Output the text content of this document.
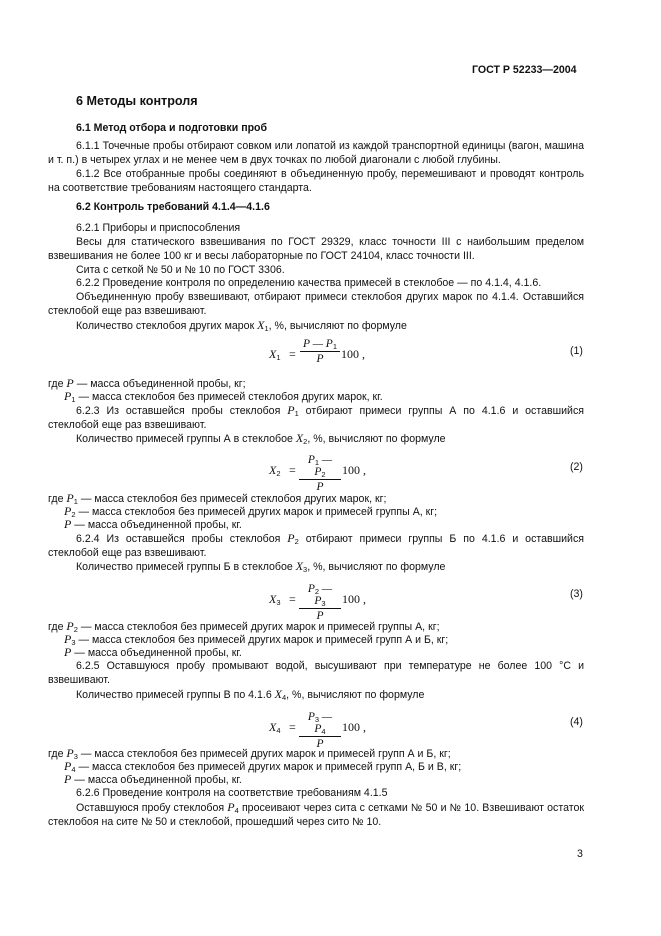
ГОСТ Р 52233—2004
6 Методы контроля
6.1 Метод отбора и подготовки проб
6.1.1 Точечные пробы отбирают совком или лопатой из каждой транспортной единицы (вагон, машина и т. п.) в четырех углах и не менее чем в двух точках по любой диагонали с любой глубины.
6.1.2 Все отобранные пробы соединяют в объединенную пробу, перемешивают и проводят контроль на соответствие требованиям настоящего стандарта.
6.2 Контроль требований 4.1.4—4.1.6
6.2.1 Приборы и приспособления
Весы для статического взвешивания по ГОСТ 29329, класс точности III с наибольшим пределом взвешивания не более 100 кг и весы лабораторные по ГОСТ 24104, класс точности III.
Сита с сеткой № 50 и № 10 по ГОСТ 3306.
6.2.2 Проведение контроля по определению качества примесей в стеклобое — по 4.1.4, 4.1.6.
Объединенную пробу взвешивают, отбирают примеси стеклобоя других марок по 4.1.4. Оставшийся стеклобой еще раз взвешивают.
Количество стеклобоя других марок X1, %, вычисляют по формуле
$X1 = \frac{P — P1}{P} 100$ ,	(1)
где P — масса объединенной пробы, кг;
P1 — масса стеклобоя без примесей стеклобоя других марок, кг.
6.2.3 Из оставшейся пробы стеклобоя P1 отбирают примеси группы А по 4.1.6 и оставшийся стеклобой еще раз взвешивают.
Количество примесей группы А в стеклобое X2, %, вычисляют по формуле
$X2 = \frac{P1 — P2}{P} 100$ ,	(2)
где P1 — масса стеклобоя без примесей стеклобоя других марок, кг;
P2 — масса стеклобоя без примесей других марок и примесей группы А, кг;
P — масса объединенной пробы, кг.
6.2.4 Из оставшейся пробы стеклобоя P2 отбирают примеси группы Б по 4.1.6 и оставшийся стеклобой еще раз взвешивают.
Количество примесей группы Б в стеклобое X3, %, вычисляют по формуле
$X3 = \frac{P2 — P3}{P} 100$ ,	(3)
где P2 — масса стеклобоя без примесей других марок и примесей группы А, кг;
P3 — масса стеклобоя без примесей других марок и примесей групп А и Б, кг;
P — масса объединенной пробы, кг.
6.2.5 Оставшуюся пробу промывают водой, высушивают при температуре не более 100 °С и взвешивают.
Количество примесей группы В по 4.1.6 X4, %, вычисляют по формуле
$X4 = \frac{P3 — P4}{P} 100$ ,	(4)
где P3 — масса стеклобоя без примесей других марок и примесей групп А и Б, кг;
P4 — масса стеклобоя без примесей других марок и примесей групп А, Б и В, кг;
P — масса объединенной пробы, кг.
6.2.6 Проведение контроля на соответствие требованиям 4.1.5
Оставшуюся пробу стеклобоя P4 просеивают через сита с сетками № 50 и № 10. Взвешивают остаток стеклобоя на сите № 50 и стеклобой, прошедший через сито № 10.
3
